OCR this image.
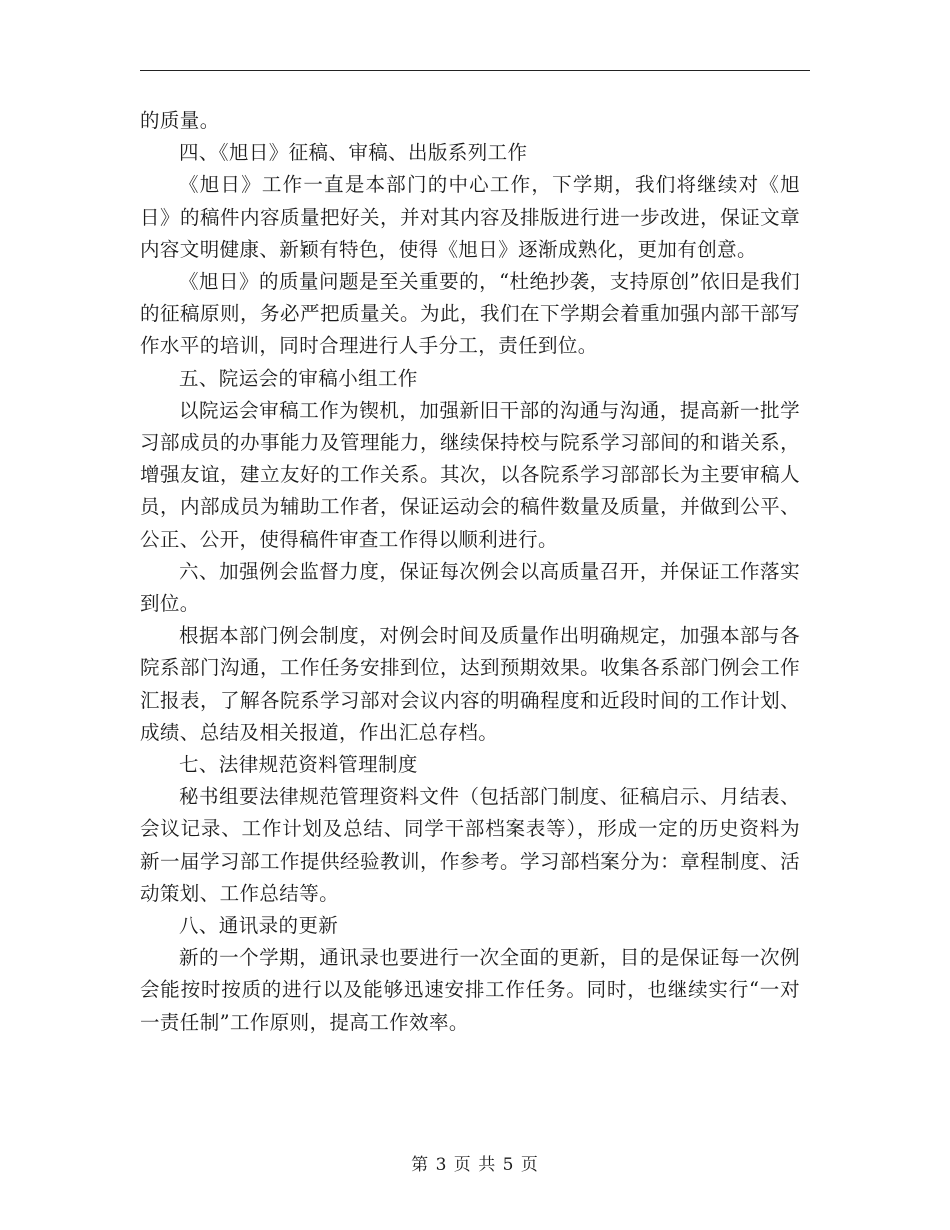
的质量。

四、《旭日》征稿、审稿、出版系列工作

《旭日》工作一直是本部门的中心工作，下学期，我们将继续对《旭日》的稿件内容质量把好关，并对其内容及排版进行进一步改进，保证文章内容文明健康、新颖有特色，使得《旭日》逐渐成熟化，更加有创意。

《旭日》的质量问题是至关重要的，“杜绝抄袭，支持原创”依旧是我们的征稿原则，务必严把质量关。为此，我们在下学期会着重加强内部干部写作水平的培训，同时合理进行人手分工，责任到位。

五、院运会的审稿小组工作

以院运会审稿工作为锲机，加强新旧干部的沟通与沟通，提高新一批学习部成员的办事能力及管理能力，继续保持校与院系学习部间的和谐关系，增强友谊，建立友好的工作关系。其次，以各院系学习部部长为主要审稿人员，内部成员为辅助工作者，保证运动会的稿件数量及质量，并做到公平、公正、公开，使得稿件审查工作得以顺利进行。

六、加强例会监督力度，保证每次例会以高质量召开，并保证工作落实到位。

根据本部门例会制度，对例会时间及质量作出明确规定，加强本部与各院系部门沟通，工作任务安排到位，达到预期效果。收集各系部门例会工作汇报表，了解各院系学习部对会议内容的明确程度和近段时间的工作计划、成绩、总结及相关报道，作出汇总存档。

七、法律规范资料管理制度

秘书组要法律规范管理资料文件（包括部门制度、征稿启示、月结表、会议记录、工作计划及总结、同学干部档案表等），形成一定的历史资料为新一届学习部工作提供经验教训，作参考。学习部档案分为：章程制度、活动策划、工作总结等。

八、通讯录的更新

新的一个学期，通讯录也要进行一次全面的更新，目的是保证每一次例会能按时按质的进行以及能够迅速安排工作任务。同时，也继续实行“一对一责任制”工作原则，提高工作效率。

第 3 页 共 5 页
